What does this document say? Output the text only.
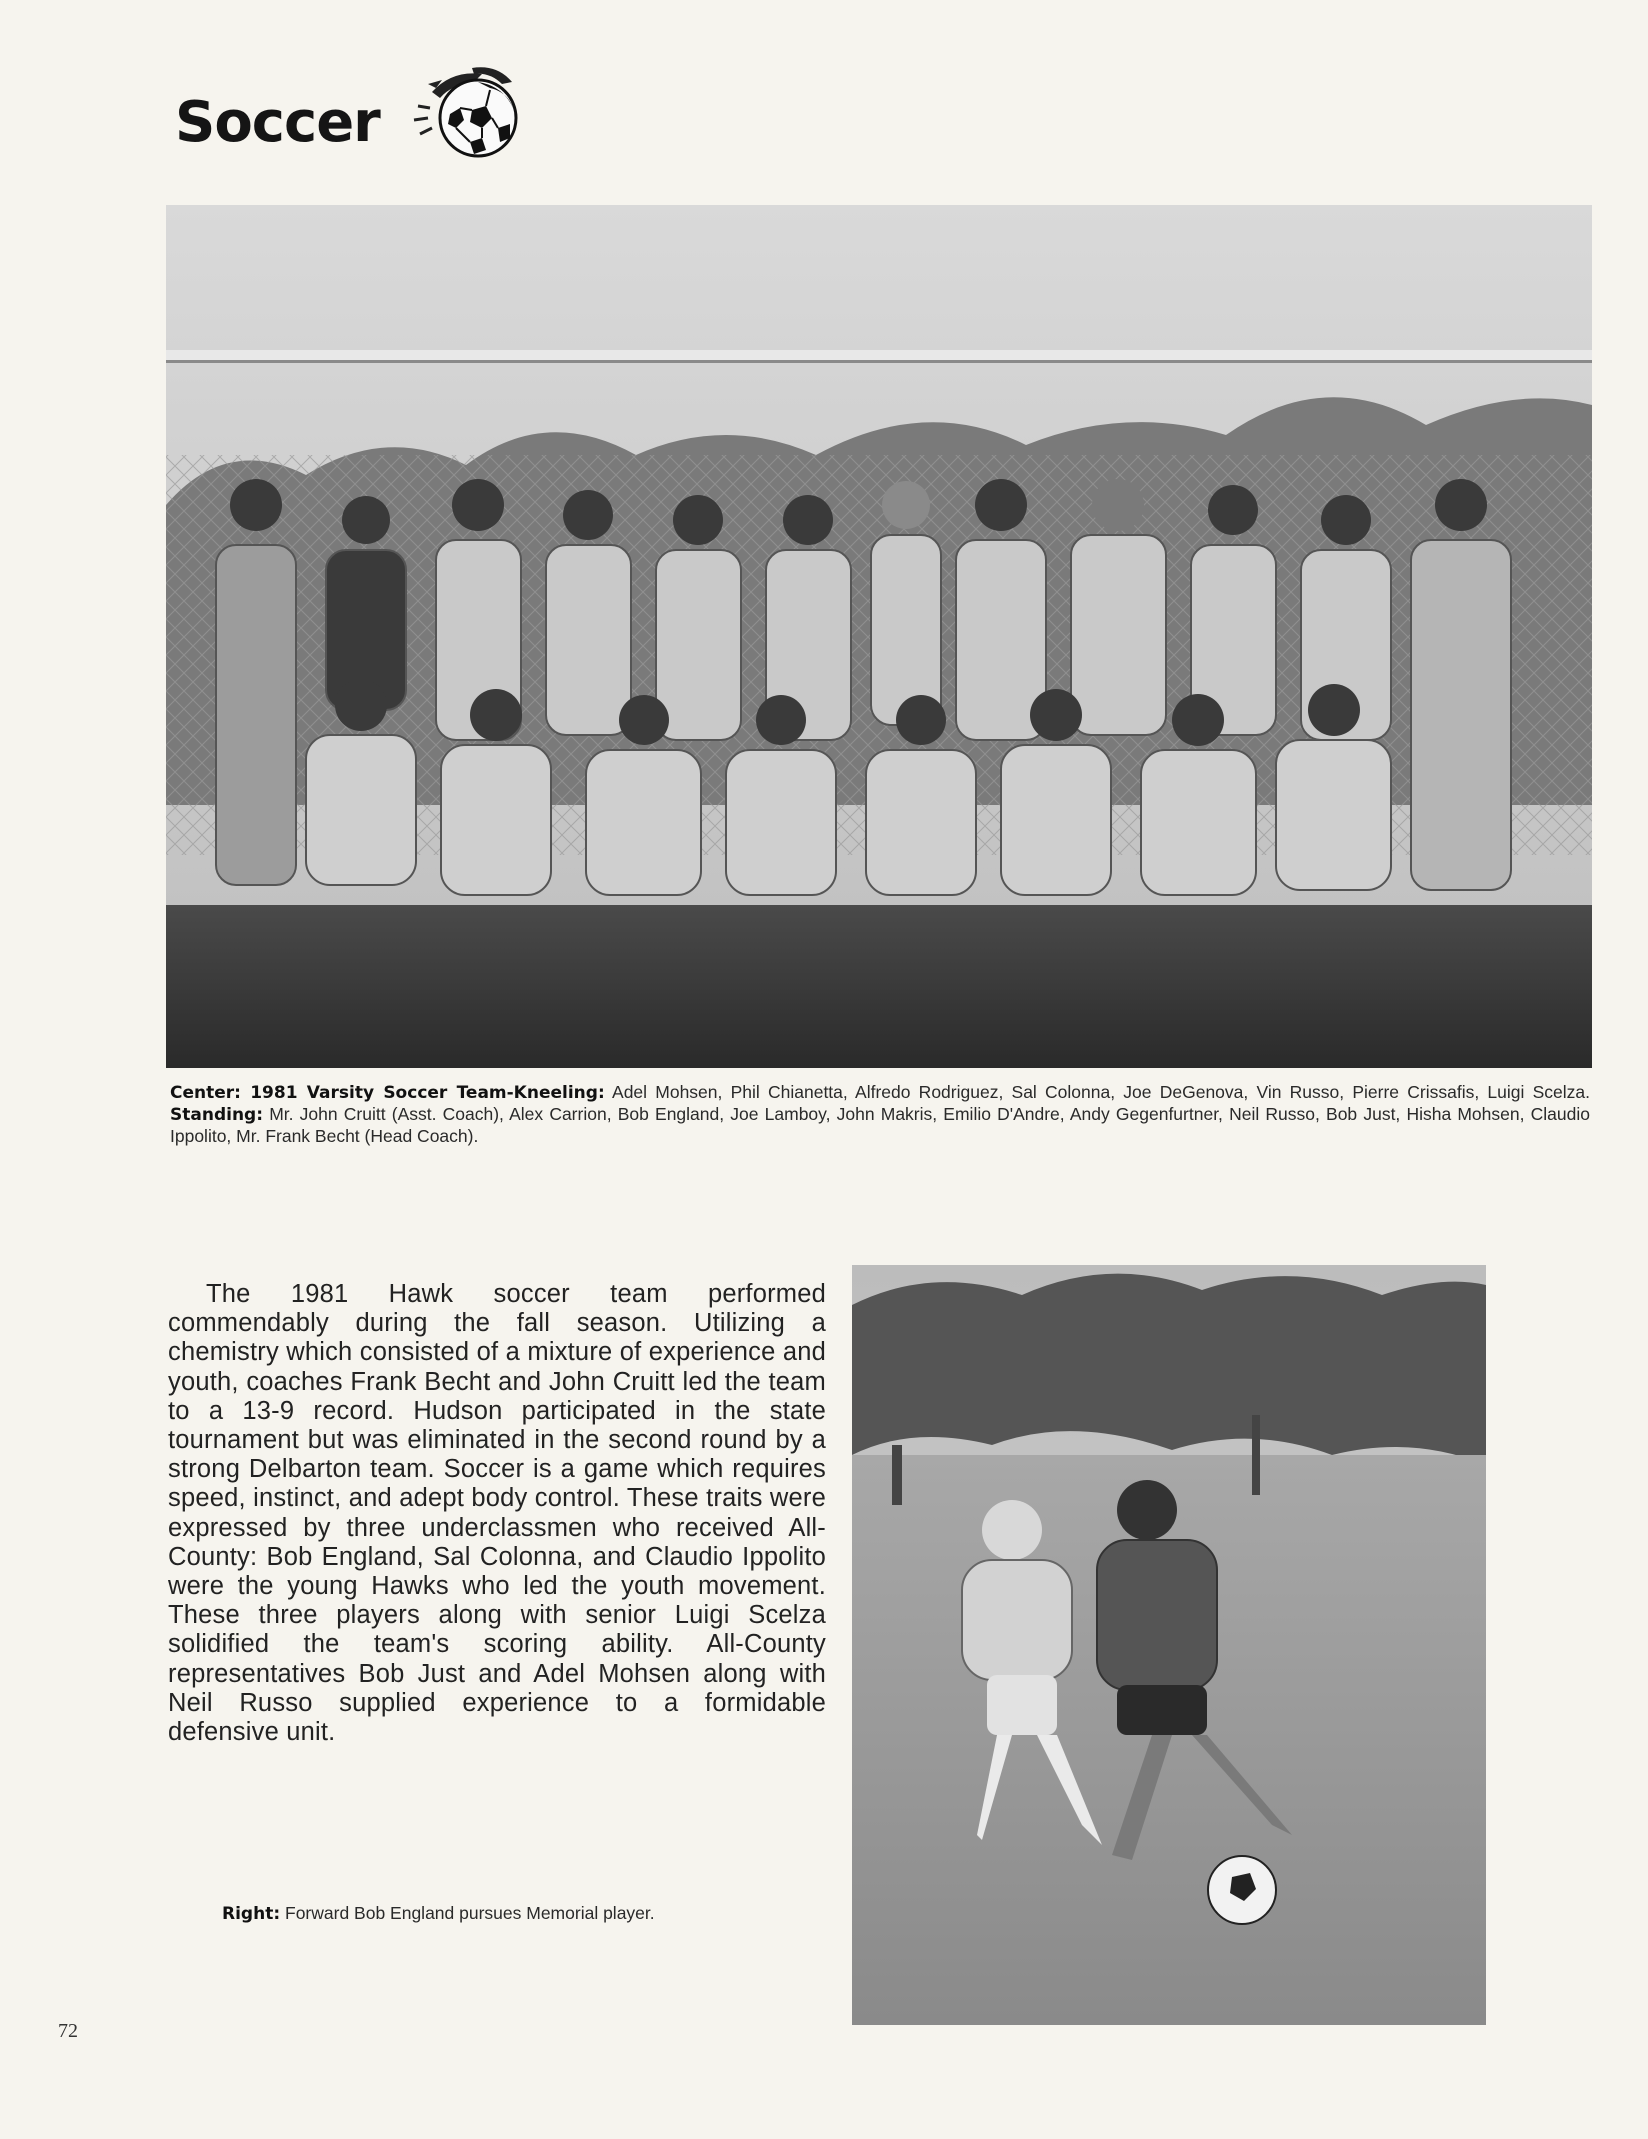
Soccer
Center: 1981 Varsity Soccer Team-Kneeling: Adel Mohsen, Phil Chianetta, Alfredo Rodriguez, Sal Colonna, Joe DeGenova, Vin Russo, Pierre Crissafis, Luigi Scelza. Standing: Mr. John Cruitt (Asst. Coach), Alex Carrion, Bob England, Joe Lamboy, John Makris, Emilio D'Andre, Andy Gegenfurtner, Neil Russo, Bob Just, Hisha Mohsen, Claudio Ippolito, Mr. Frank Becht (Head Coach).
The 1981 Hawk soccer team performed commendably during the fall season. Utilizing a chemistry which consisted of a mixture of experience and youth, coaches Frank Becht and John Cruitt led the team to a 13-9 record. Hudson participated in the state tournament but was eliminated in the second round by a strong Delbarton team. Soccer is a game which requires speed, instinct, and adept body control. These traits were expressed by three underclassmen who received All-County: Bob England, Sal Colonna, and Claudio Ippolito were the young Hawks who led the youth movement. These three players along with senior Luigi Scelza solidified the team's scoring ability. All-County representatives Bob Just and Adel Mohsen along with Neil Russo supplied experience to a formidable defensive unit.
Right: Forward Bob England pursues Memorial player.
72
